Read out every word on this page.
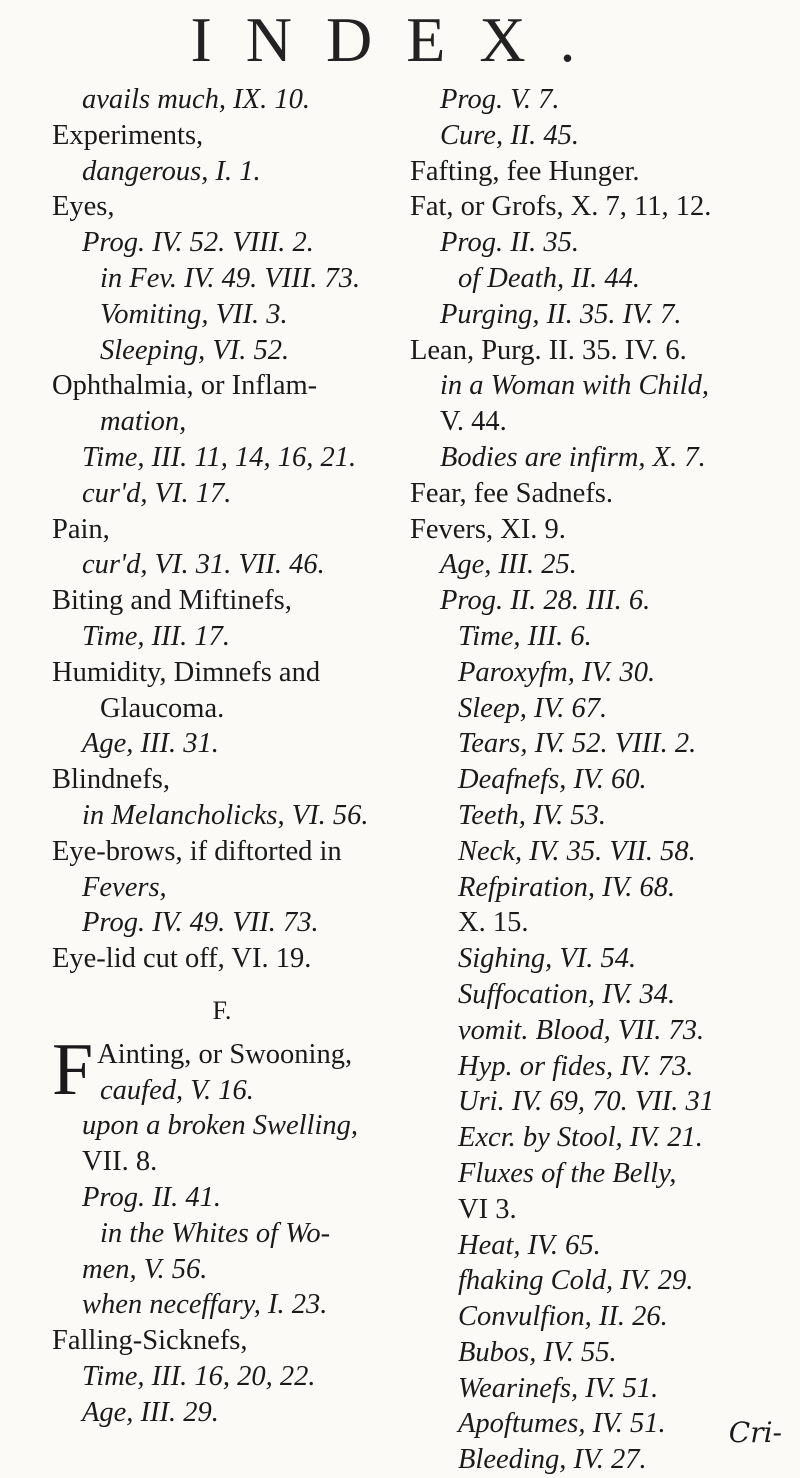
INDEX.
avails much, IX. 10.
Experiments,
dangerous, I. 1.
Eyes,
Prog. IV. 52. VIII. 2.
in Fev. IV. 49. VIII. 73.
Vomiting, VII. 3.
Sleeping, VI. 52.
Ophthalmia, or Inflam-
mation,
Time, III. 11, 14, 16, 21.
cur'd, VI. 17.
Pain,
cur'd, VI. 31. VII. 46.
Biting and Miftinefs,
Time, III. 17.
Humidity, Dimnefs and
Glaucoma.
Age, III. 31.
Blindnefs,
in Melancholicks, VI. 56.
Eye-brows, if diftorted in
Fevers,
Prog. IV. 49. VII. 73.
Eye-lid cut off, VI. 19.
F.
F Ainting, or Swooning,
caufed, V. 16.
upon a broken Swelling,
VII. 8.
Prog. II. 41.
in the Whites of Wo-
men, V. 56.
when neceffary, I. 23.
Falling-Sicknefs,
Time, III. 16, 20, 22.
Age, III. 29.
Prog. V. 7.
Cure, II. 45.
Fafting, fee Hunger.
Fat, or Grofs, X. 7, 11, 12.
Prog. II. 35.
of Death, II. 44.
Purging, II. 35. IV. 7.
Lean, Purg. II. 35. IV. 6.
in a Woman with Child,
V. 44.
Bodies are infirm, X. 7.
Fear, fee Sadnefs.
Fevers, XI. 9.
Age, III. 25.
Prog. II. 28. III. 6.
Time, III. 6.
Paroxyfm, IV. 30.
Sleep, IV. 67.
Tears, IV. 52. VIII. 2.
Deafnefs, IV. 60.
Teeth, IV. 53.
Neck, IV. 35. VII. 58.
Refpiration, IV. 68.
X. 15.
Sighing, VI. 54.
Suffocation, IV. 34.
vomit. Blood, VII. 73.
Hyp. or fides, IV. 73.
Uri. IV. 69, 70. VII. 31
Excr. by Stool, IV. 21.
Fluxes of the Belly,
VI 3.
Heat, IV. 65.
fhaking Cold, IV. 29.
Convulfion, II. 26.
Bubos, IV. 55.
Wearinefs, IV. 51.
Apoftumes, IV. 51.
Bleeding, IV. 27.
Cri-
